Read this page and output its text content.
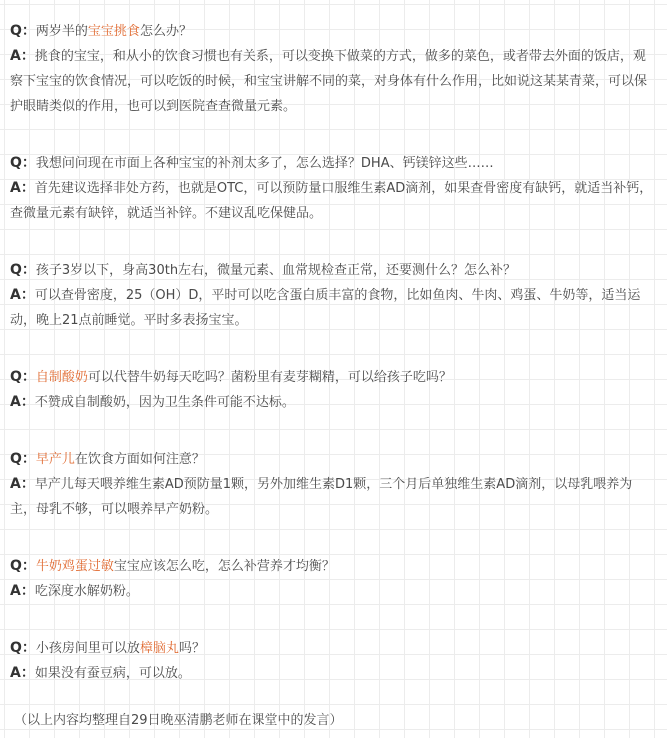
Q：两岁半的宝宝挑食怎么办？

A：挑食的宝宝，和从小的饮食习惯也有关系，可以变换下做菜的方式，做多的菜色，或者带去外面的饭店，观察下宝宝的饮食情况，可以吃饭的时候，和宝宝讲解不同的菜，对身体有什么作用，比如说这某某青菜，可以保护眼睛类似的作用，也可以到医院查查微量元素。

Q：我想问问现在市面上各种宝宝的补剂太多了，怎么选择？DHA、钙镁锌这些……

A：首先建议选择非处方药，也就是OTC，可以预防量口服维生素AD滴剂，如果查骨密度有缺钙，就适当补钙，查微量元素有缺锌，就适当补锌。不建议乱吃保健品。

Q：孩子3岁以下，身高30th左右，微量元素、血常规检查正常，还要测什么？怎么补？

A：可以查骨密度，25（OH）D，平时可以吃含蛋白质丰富的食物，比如鱼肉、牛肉、鸡蛋、牛奶等，适当运动，晚上21点前睡觉。平时多表扬宝宝。

Q：自制酸奶可以代替牛奶每天吃吗？菌粉里有麦芽糊精，可以给孩子吃吗？

A：不赞成自制酸奶，因为卫生条件可能不达标。

Q：早产儿在饮食方面如何注意？

A：早产儿每天喂养维生素AD预防量1颗，另外加维生素D1颗，三个月后单独维生素AD滴剂，以母乳喂养为主，母乳不够，可以喂养早产奶粉。

Q：牛奶鸡蛋过敏宝宝应该怎么吃，怎么补营养才均衡？

A：吃深度水解奶粉。

Q：小孩房间里可以放樟脑丸吗？

A：如果没有蚕豆病，可以放。

（以上内容均整理自29日晚巫清鹏老师在课堂中的发言）
